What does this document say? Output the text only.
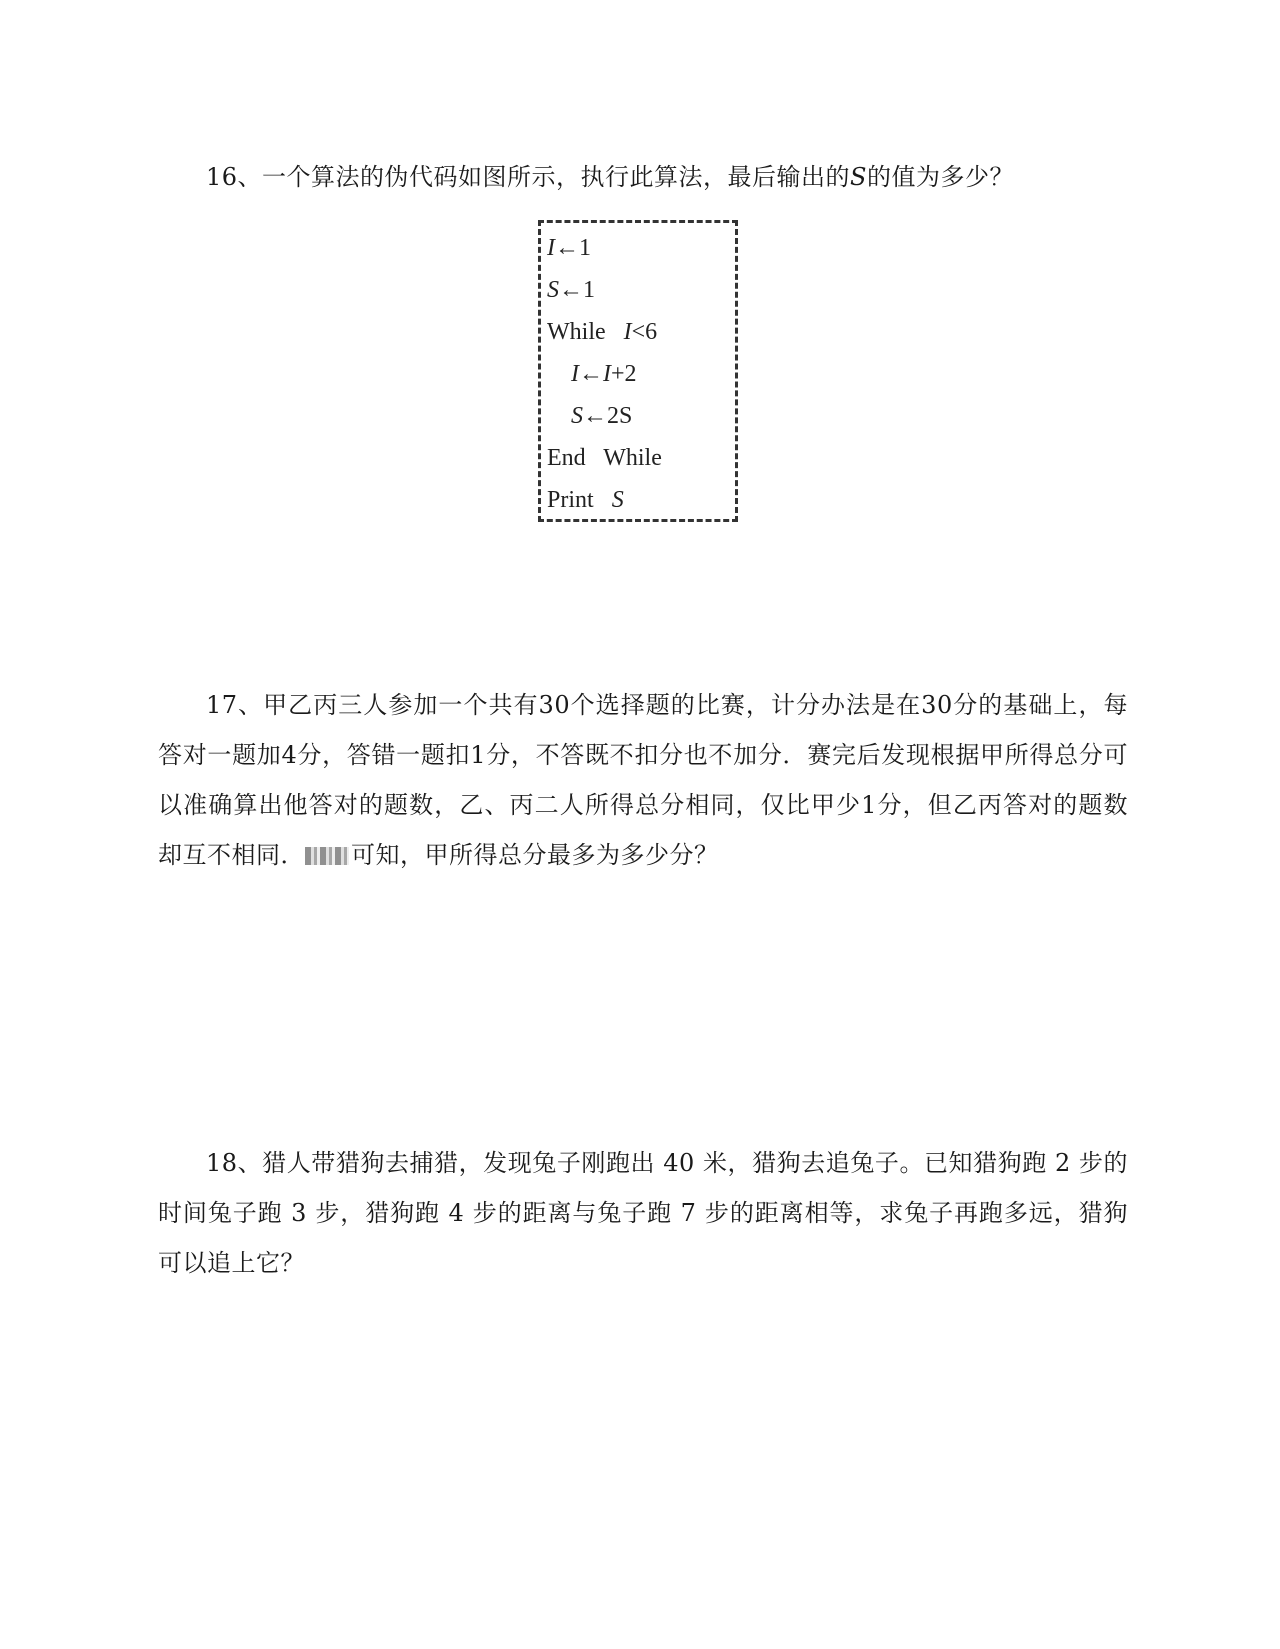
16、一个算法的伪代码如图所示，执行此算法，最后输出的S的值为多少？
I←1
S←1
While   I<6
I←I+2
S←2S
End   While
Print   S
17、甲乙丙三人参加一个共有30个选择题的比赛，计分办法是在30分的基础上，每答对一题加4分，答错一题扣1分，不答既不扣分也不加分．赛完后发现根据甲所得总分可以准确算出他答对的题数，乙、丙二人所得总分相同，仅比甲少1分，但乙丙答对的题数却互不相同． 可知，甲所得总分最多为多少分？
18、猎人带猎狗去捕猎，发现兔子刚跑出 40 米，猎狗去追兔子。已知猎狗跑 2 步的时间兔子跑 3 步，猎狗跑 4 步的距离与兔子跑 7 步的距离相等，求兔子再跑多远，猎狗可以追上它？
